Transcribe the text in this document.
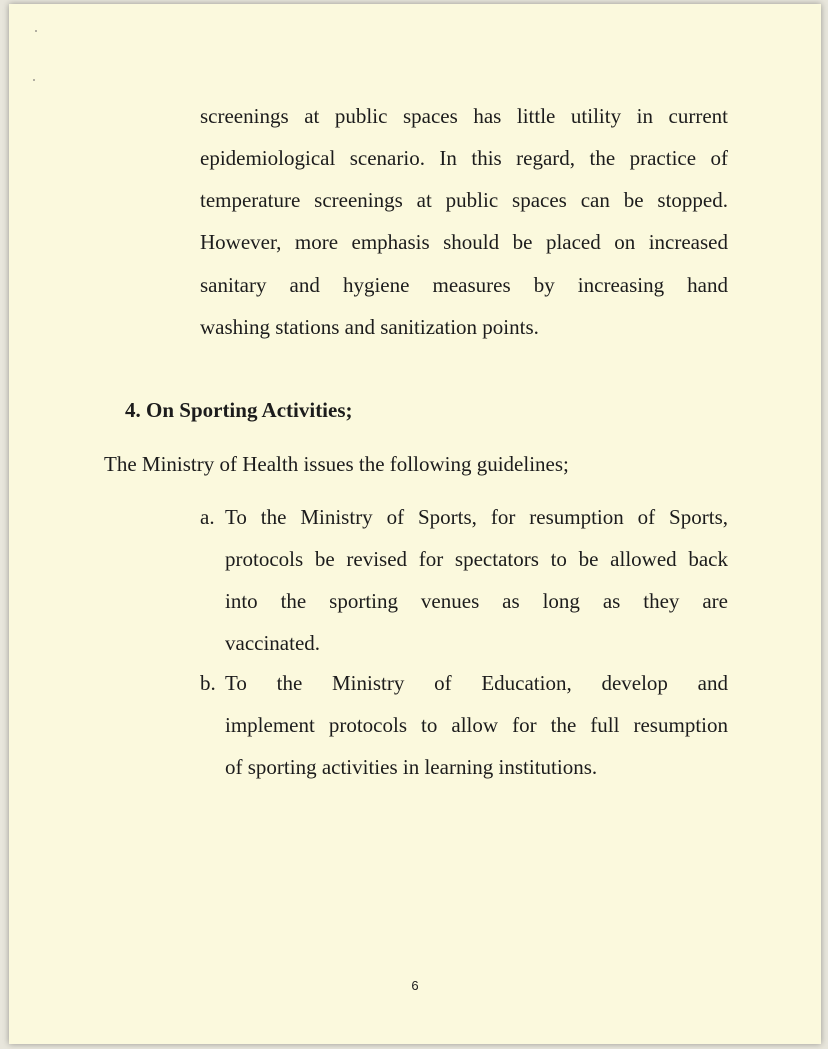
screenings at public spaces has little utility in current
epidemiological scenario. In this regard, the practice of
temperature screenings at public spaces can be stopped.
However, more emphasis should be placed on increased
sanitary and hygiene measures by increasing hand
washing stations and sanitization points.
4. On Sporting Activities;
The Ministry of Health issues the following guidelines;
a. To the Ministry of Sports, for resumption of Sports,
protocols be revised for spectators to be allowed back
into the sporting venues as long as they are
vaccinated.
b. To the Ministry of Education, develop and
implement protocols to allow for the full resumption
of sporting activities in learning institutions.
6
